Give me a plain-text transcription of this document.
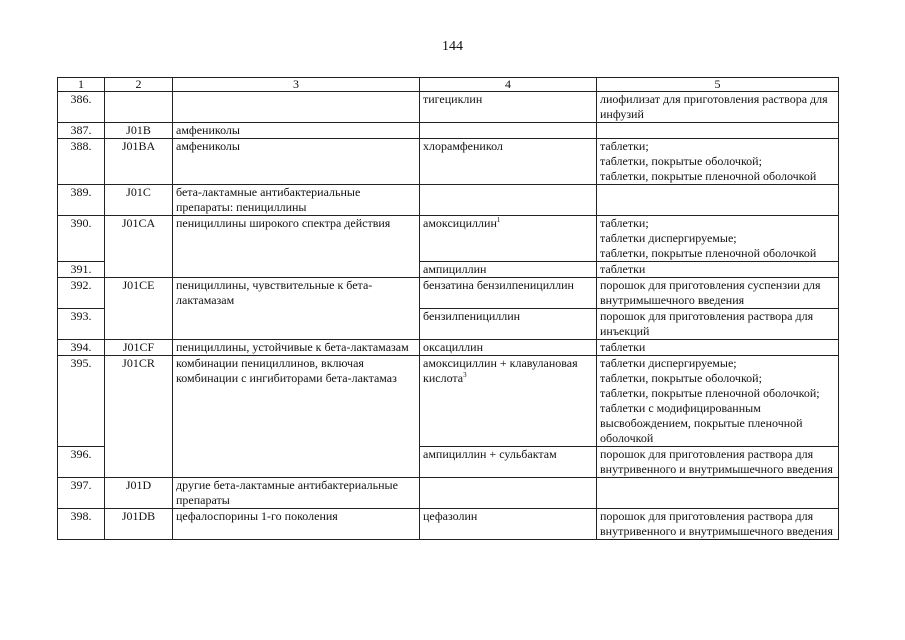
144
1	2	3	4	5
386.			тигециклин	лиофилизат для приготовления раствора для инфузий
387.	J01B	амфениколы		
388.	J01BA	амфениколы	хлорамфеникол	таблетки;
таблетки, покрытые оболочкой;
таблетки, покрытые пленочной оболочкой

389.	J01C	бета-лактамные антибактериальные препараты: пенициллины		
390.	J01CA	пенициллины широкого спектра действия	амоксициллин$^1$	таблетки;
таблетки диспергируемые;
таблетки, покрытые пленочной оболочкой

391.			ампициллин	таблетки
392.	J01CE	пенициллины, чувствительные к бета-лактамазам	бензатина бензилпенициллин	порошок для приготовления суспензии для внутримышечного введения
393.			бензилпенициллин	порошок для приготовления раствора для инъекций
394.	J01CF	пенициллины, устойчивые к бета-лактамазам	оксациллин	таблетки
395.	J01CR	комбинации пенициллинов, включая комбинации с ингибиторами бета-лактамаз	амоксициллин + клавулановая кислота$^3$	таблетки диспергируемые;
таблетки, покрытые оболочкой;
таблетки, покрытые пленочной оболочкой; таблетки с модифицированным высвобождением, покрытые пленочной оболочкой

396.			ампициллин + сульбактам	порошок для приготовления раствора для внутривенного и внутримышечного введения
397.	J01D	другие бета-лактамные антибактериальные препараты		
398.	J01DB	цефалоспорины 1-го поколения	цефазолин	порошок для приготовления раствора для внутривенного и внутримышечного введения
